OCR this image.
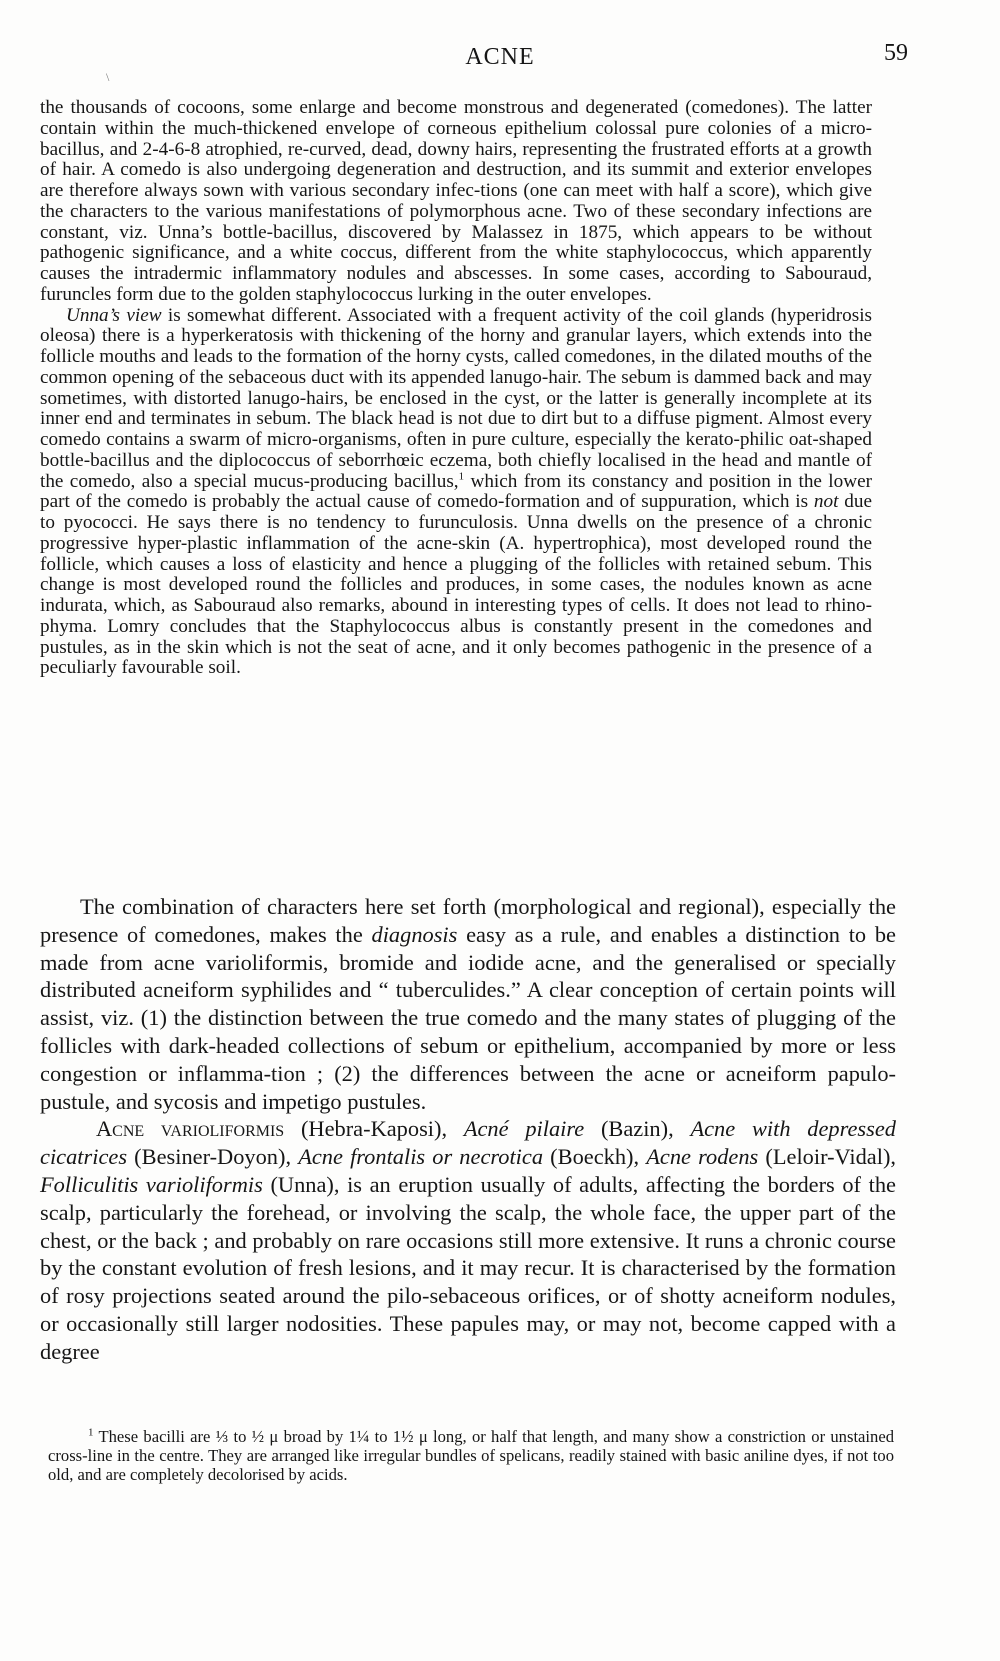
\
ACNE	59

the thousands of cocoons, some enlarge and become monstrous and degenerated (comedones). The latter contain within the much-thickened envelope of corneous epithelium colossal pure colonies of a micro-bacillus, and 2-4-6-8 atrophied, re-curved, dead, downy hairs, representing the frustrated efforts at a growth of hair. A comedo is also undergoing degeneration and destruction, and its summit and exterior envelopes are therefore always sown with various secondary infec-tions (one can meet with half a score), which give the characters to the various manifestations of polymorphous acne. Two of these secondary infections are constant, viz. Unna’s bottle-bacillus, discovered by Malassez in 1875, which appears to be without pathogenic significance, and a white coccus, different from the white staphylococcus, which apparently causes the intradermic inflammatory nodules and abscesses. In some cases, according to Sabouraud, furuncles form due to the golden staphylococcus lurking in the outer envelopes.

Unna’s view is somewhat different. Associated with a frequent activity of the coil glands (hyperidrosis oleosa) there is a hyperkeratosis with thickening of the horny and granular layers, which extends into the follicle mouths and leads to the formation of the horny cysts, called comedones, in the dilated mouths of the common opening of the sebaceous duct with its appended lanugo-hair. The sebum is dammed back and may sometimes, with distorted lanugo-hairs, be enclosed in the cyst, or the latter is generally incomplete at its inner end and terminates in sebum. The black head is not due to dirt but to a diffuse pigment. Almost every comedo contains a swarm of micro-organisms, often in pure culture, especially the kerato-philic oat-shaped bottle-bacillus and the diplococcus of seborrhœic eczema, both chiefly localised in the head and mantle of the comedo, also a special mucus-producing bacillus,$^1$ which from its constancy and position in the lower part of the comedo is probably the actual cause of comedo-formation and of suppuration, which is not due to pyococci. He says there is no tendency to furunculosis. Unna dwells on the presence of a chronic progressive hyper-plastic inflammation of the acne-skin (A. hypertrophica), most developed round the follicle, which causes a loss of elasticity and hence a plugging of the follicles with retained sebum. This change is most developed round the follicles and produces, in some cases, the nodules known as acne indurata, which, as Sabouraud also remarks, abound in interesting types of cells. It does not lead to rhino-phyma. Lomry concludes that the Staphylococcus albus is constantly present in the comedones and pustules, as in the skin which is not the seat of acne, and it only becomes pathogenic in the presence of a peculiarly favourable soil.

The combination of characters here set forth (morphological and regional), especially the presence of comedones, makes the diagnosis easy as a rule, and enables a distinction to be made from acne varioliformis, bromide and iodide acne, and the generalised or specially distributed acneiform syphilides and “ tuberculides.” A clear conception of certain points will assist, viz. (1) the distinction between the true comedo and the many states of plugging of the follicles with dark-headed collections of sebum or epithelium, accompanied by more or less congestion or inflamma-tion ; (2) the differences between the acne or acneiform papulo-pustule, and sycosis and impetigo pustules.

Acne varioliformis (Hebra-Kaposi), Acné pilaire (Bazin), Acne with depressed cicatrices (Besiner-Doyon), Acne frontalis or necrotica (Boeckh), Acne rodens (Leloir-Vidal), Folliculitis varioliformis (Unna), is an eruption usually of adults, affecting the borders of the scalp, particularly the forehead, or involving the scalp, the whole face, the upper part of the chest, or the back ; and probably on rare occasions still more extensive. It runs a chronic course by the constant evolution of fresh lesions, and it may recur. It is characterised by the formation of rosy projections seated around the pilo-sebaceous orifices, or of shotty acneiform nodules, or occasionally still larger nodosities. These papules may, or may not, become capped with a degree

$^1$ These bacilli are ⅓ to ½ μ broad by 1¼ to 1½ μ long, or half that length, and many show a constriction or unstained cross-line in the centre. They are arranged like irregular bundles of spelicans, readily stained with basic aniline dyes, if not too old, and are completely decolorised by acids.
